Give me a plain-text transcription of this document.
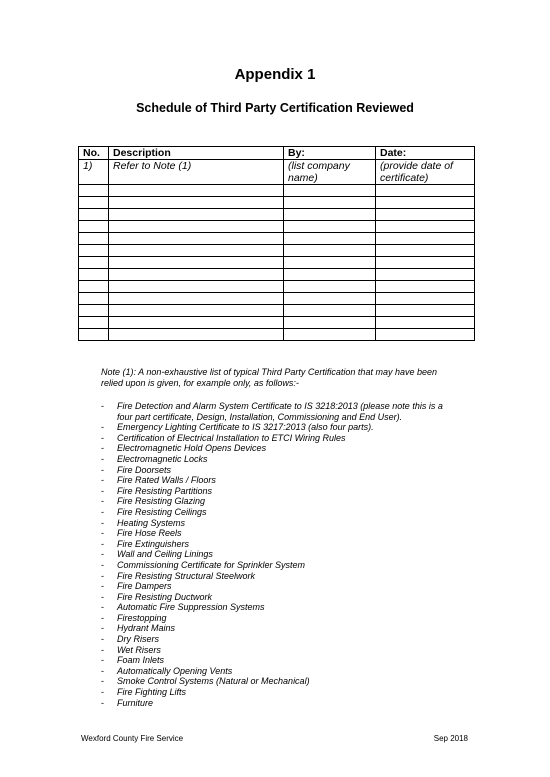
Appendix 1
Schedule of Third Party Certification Reviewed
No.	Description	By:	Date:
1)	Refer to Note (1)	(list company name)	(provide date of certificate)

Note (1): A non-exhaustive list of typical Third Party Certification that may have been relied upon is given, for example only, as follows:-

- Fire Detection and Alarm System Certificate to IS 3218:2013 (please note this is a four part certificate, Design, Installation, Commissioning and End User).
- Emergency Lighting Certificate to IS 3217:2013 (also four parts).
- Certification of Electrical Installation to ETCI Wiring Rules
- Electromagnetic Hold Opens Devices
- Electromagnetic Locks
- Fire Doorsets
- Fire Rated Walls / Floors
- Fire Resisting Partitions
- Fire Resisting Glazing
- Fire Resisting Ceilings
- Heating Systems
- Fire Hose Reels
- Fire Extinguishers
- Wall and Ceiling Linings
- Commissioning Certificate for Sprinkler System
- Fire Resisting Structural Steelwork
- Fire Dampers
- Fire Resisting Ductwork
- Automatic Fire Suppression Systems
- Firestopping
- Hydrant Mains
- Dry Risers
- Wet Risers
- Foam Inlets
- Automatically Opening Vents
- Smoke Control Systems (Natural or Mechanical)
- Fire Fighting Lifts
- Furniture
Wexford County Fire Service	Sep 2018
